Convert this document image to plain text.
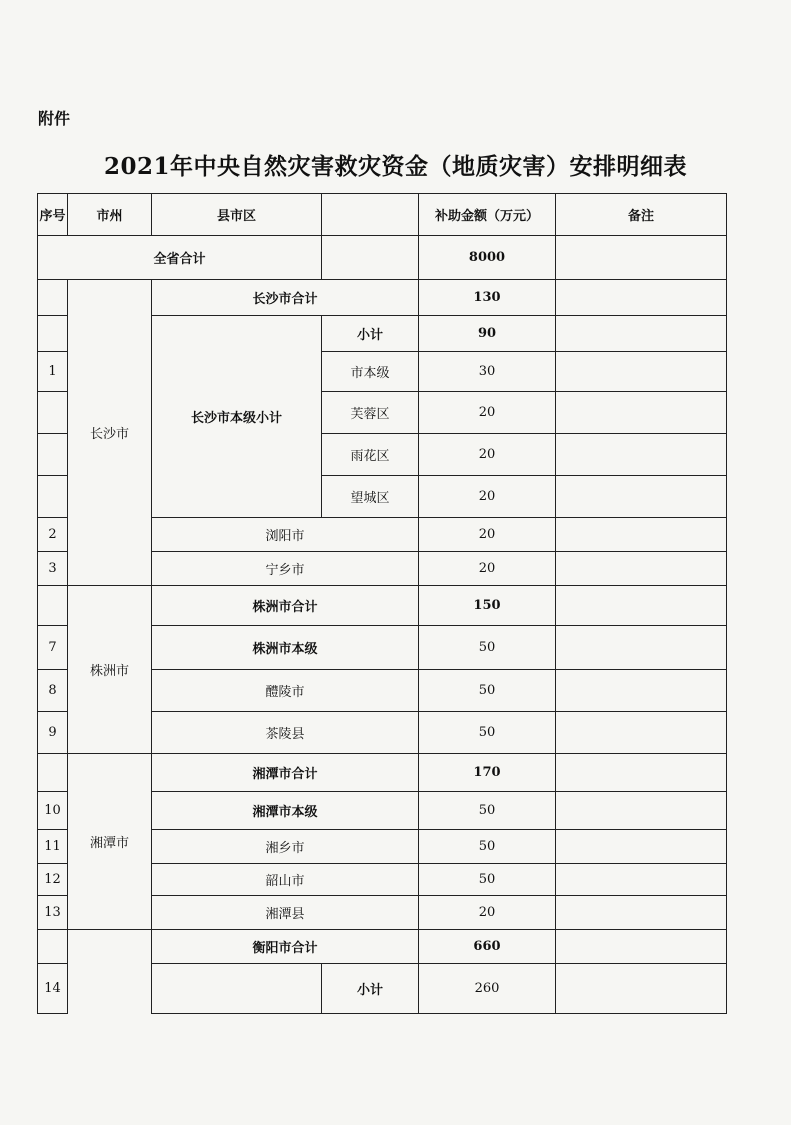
附件
2021年中央自然灾害救灾资金（地质灾害）安排明细表
序号	市州	县市区		补助金额（万元）	备注
全省合计				8000	
	长沙市	长沙市合计		130	
		长沙市本级小计	小计	90	
1			市本级	30	
			芙蓉区	20	
			雨花区	20	
			望城区	20	
2		浏阳市		20	
3		宁乡市		20	

	株洲市	株洲市合计		150	
7		株洲市本级		50	
8		醴陵市		50	
9		茶陵县		50	
	湘潭市	湘潭市合计		170	
10		湘潭市本级		50	
11		湘乡市		50	
12		韶山市		50	
13		湘潭县		20	
		衡阳市合计		660	
14			小计	260	
